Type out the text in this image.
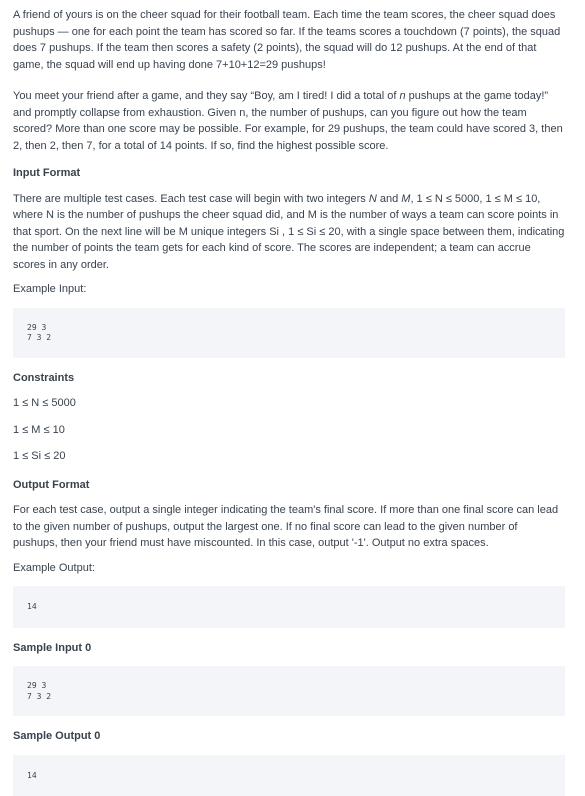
A friend of yours is on the cheer squad for their football team. Each time the team scores, the cheer squad does pushups — one for each point the team has scored so far. If the teams scores a touchdown (7 points), the squad does 7 pushups. If the team then scores a safety (2 points), the squad will do 12 pushups. At the end of that game, the squad will end up having done 7+10+12=29 pushups!

You meet your friend after a game, and they say “Boy, am I tired! I did a total of n pushups at the game today!” and promptly collapse from exhaustion. Given n, the number of pushups, can you figure out how the team scored? More than one score may be possible. For example, for 29 pushups, the team could have scored 3, then 2, then 2, then 7, for a total of 14 points. If so, find the highest possible score.

Input Format

There are multiple test cases. Each test case will begin with two integers N and M, 1 ≤ N ≤ 5000, 1 ≤ M ≤ 10, where N is the number of pushups the cheer squad did, and M is the number of ways a team can score points in that sport. On the next line will be M unique integers Si , 1 ≤ Si ≤ 20, with a single space between them, indicating the number of points the team gets for each kind of score. The scores are independent; a team can accrue scores in any order.

Example Input:

29 3
7 3 2
Constraints

1 ≤ N ≤ 5000

1 ≤ M ≤ 10

1 ≤ Si ≤ 20

Output Format

For each test case, output a single integer indicating the team's final score. If more than one final score can lead to the given number of pushups, output the largest one. If no final score can lead to the given number of pushups, then your friend must have miscounted. In this case, output '-1'. Output no extra spaces.

Example Output:

14
Sample Input 0
29 3
7 3 2
Sample Output 0
14
